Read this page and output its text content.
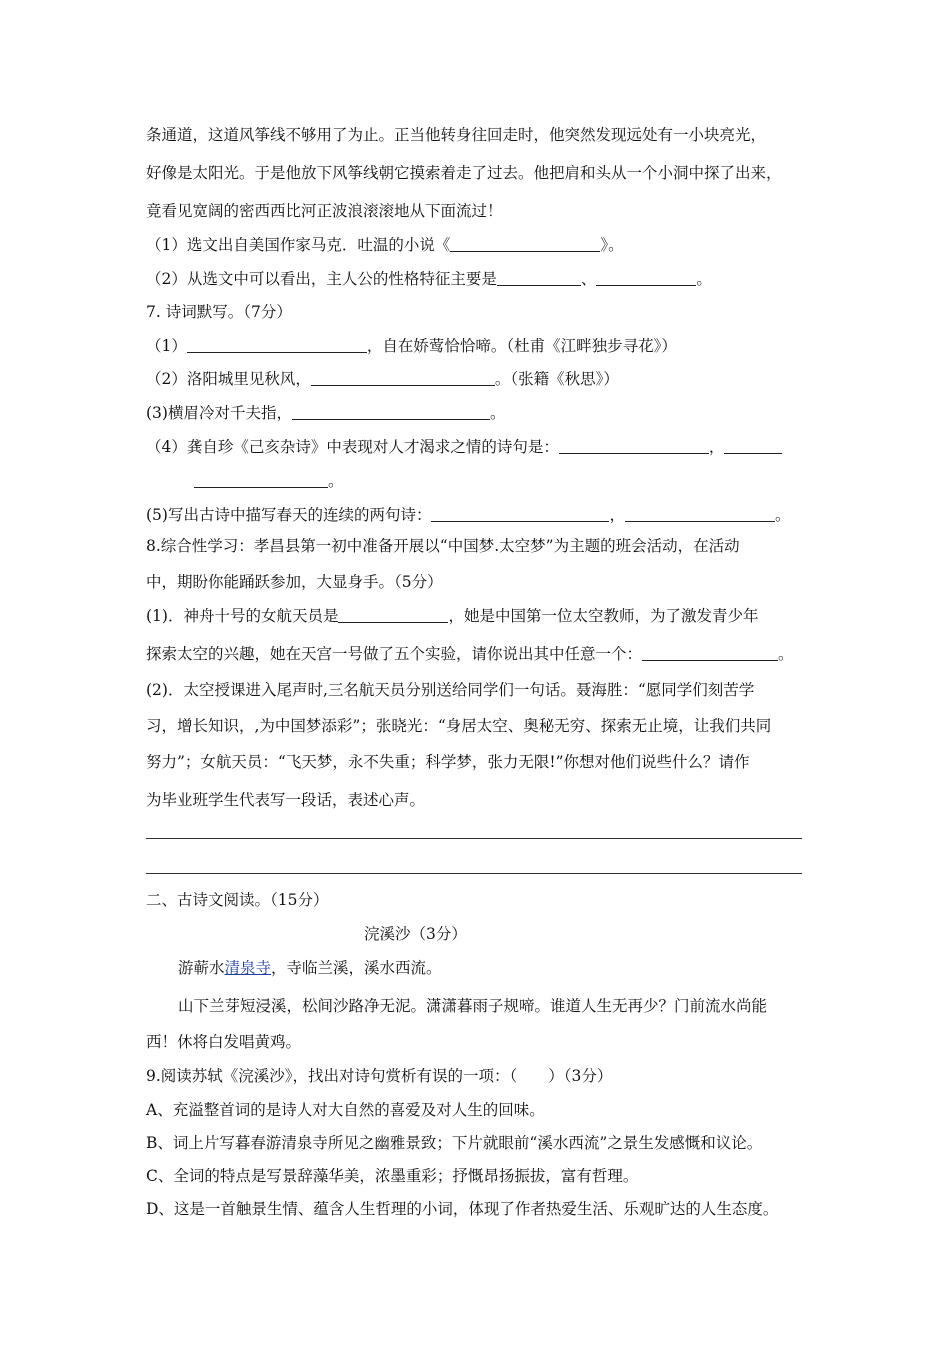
条通道，这道风筝线不够用了为止。正当他转身往回走时，他突然发现远处有一小块亮光，
好像是太阳光。于是他放下风筝线朝它摸索着走了过去。他把肩和头从一个小洞中探了出来，
竟看见宽阔的密西西比河正波浪滚滚地从下面流过！
（1）选文出自美国作家马克．吐温的小说《	》。
（2）从选文中可以看出，主人公的性格特征主要是	、	。
7. 诗词默写。（7分）
（1）	，自在娇莺恰恰啼。（杜甫《江畔独步寻花》）
（2）洛阳城里见秋风，	。（张籍《秋思》）
(3)横眉冷对千夫指，	。
（4）龚自珍《己亥杂诗》中表现对人才渴求之情的诗句是：	，
。
(5)写出古诗中描写春天的连续的两句诗：	，	。
8.综合性学习：孝昌县第一初中准备开展以“中国梦.太空梦”为主题的班会活动，在活动
中，期盼你能踊跃参加，大显身手。（5分）
(1)．神舟十号的女航天员是	，她是中国第一位太空教师，为了激发青少年
探索太空的兴趣，她在天宫一号做了五个实验，请你说出其中任意一个：	。
(2)．太空授课进入尾声时,三名航天员分别送给同学们一句话。聂海胜：“愿同学们刻苦学
习，增长知识，,为中国梦添彩”；张晓光：“身居太空、奥秘无穷、探索无止境，让我们共同
努力”；女航天员：“飞天梦，永不失重；科学梦，张力无限!”你想对他们说些什么？请作
为毕业班学生代表写一段话，表述心声。
二、古诗文阅读。（15分）
浣溪沙（3分）
游蕲水清泉寺，寺临兰溪，溪水西流。
山下兰芽短浸溪，松间沙路净无泥。潇潇暮雨子规啼。谁道人生无再少？门前流水尚能
西！休将白发唱黄鸡。
9.阅读苏轼《浣溪沙》，找出对诗句赏析有误的一项：（　　）（3分）
A、充溢整首词的是诗人对大自然的喜爱及对人生的回味。
B、词上片写暮春游清泉寺所见之幽雅景致；下片就眼前“溪水西流”之景生发感慨和议论。
C、全词的特点是写景辞藻华美，浓墨重彩；抒慨昂扬振拔，富有哲理。
D、这是一首触景生情、蕴含人生哲理的小词，体现了作者热爱生活、乐观旷达的人生态度。
